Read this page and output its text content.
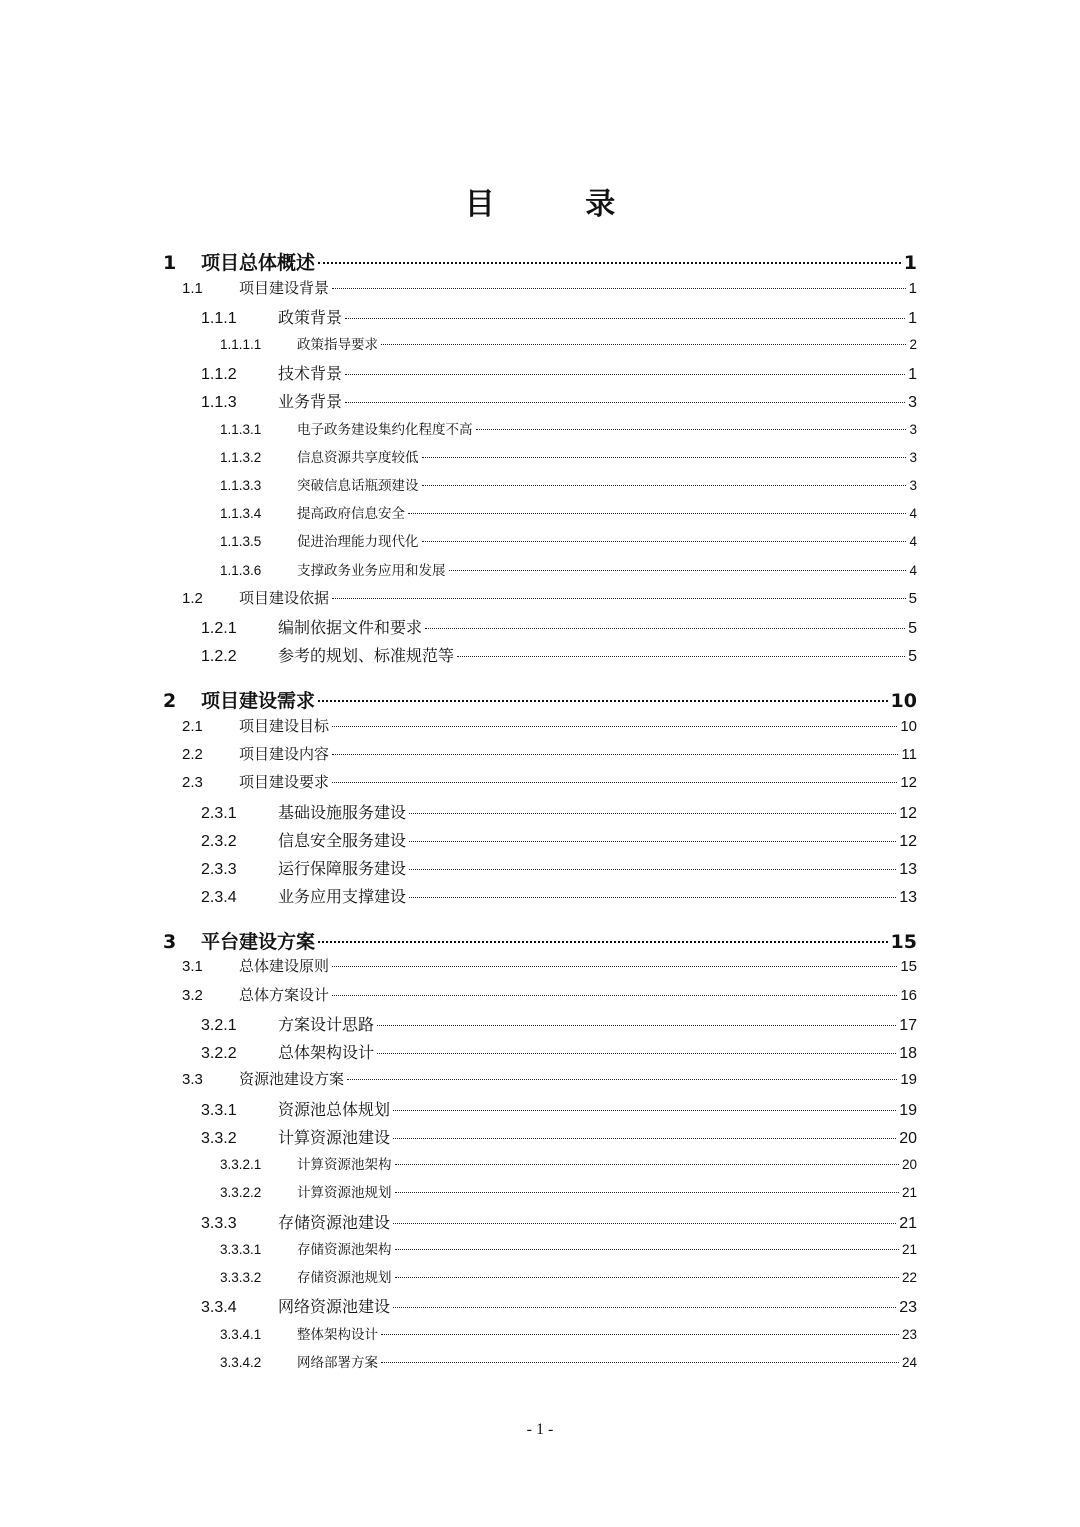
目 录
1	项目总体概述	1
1.1	项目建设背景	1
1.1.1	政策背景	1
1.1.1.1	政策指导要求	2
1.1.2	技术背景	1
1.1.3	业务背景	3
1.1.3.1	电子政务建设集约化程度不高	3
1.1.3.2	信息资源共享度较低	3
1.1.3.3	突破信息话瓶颈建设	3
1.1.3.4	提高政府信息安全	4
1.1.3.5	促进治理能力现代化	4
1.1.3.6	支撑政务业务应用和发展	4
1.2	项目建设依据	5
1.2.1	编制依据文件和要求	5
1.2.2	参考的规划、标准规范等	5
2	项目建设需求	10
2.1	项目建设目标	10
2.2	项目建设内容	11
2.3	项目建设要求	12
2.3.1	基础设施服务建设	12
2.3.2	信息安全服务建设	12
2.3.3	运行保障服务建设	13
2.3.4	业务应用支撑建设	13
3	平台建设方案	15
3.1	总体建设原则	15
3.2	总体方案设计	16
3.2.1	方案设计思路	17
3.2.2	总体架构设计	18
3.3	资源池建设方案	19
3.3.1	资源池总体规划	19
3.3.2	计算资源池建设	20
3.3.2.1	计算资源池架构	20
3.3.2.2	计算资源池规划	21
3.3.3	存储资源池建设	21
3.3.3.1	存储资源池架构	21
3.3.3.2	存储资源池规划	22
3.3.4	网络资源池建设	23
3.3.4.1	整体架构设计	23
3.3.4.2	网络部署方案	24
- 1 -
